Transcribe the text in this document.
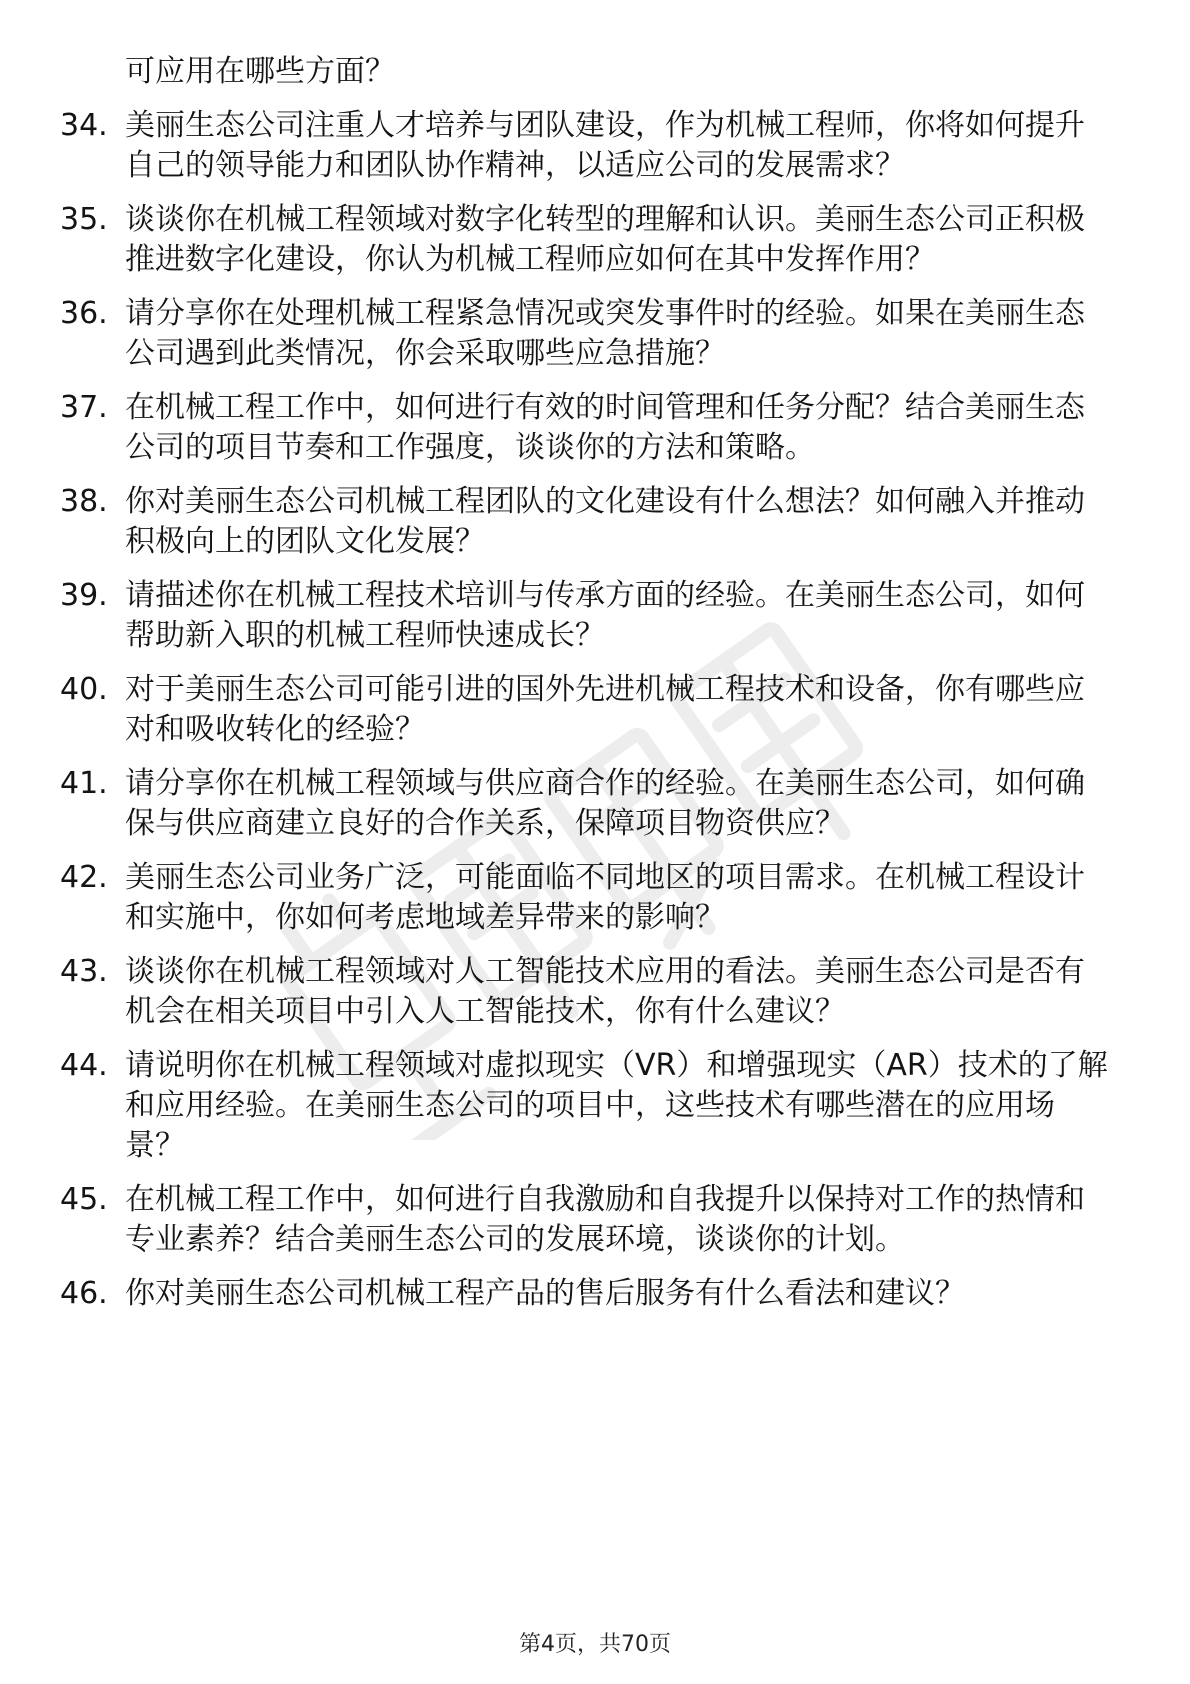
可应用在哪些方面？
34. 美丽生态公司注重人才培养与团队建设，作为机械工程师，你将如何提升自己的领导能力和团队协作精神，以适应公司的发展需求？
35. 谈谈你在机械工程领域对数字化转型的理解和认识。美丽生态公司正积极推进数字化建设，你认为机械工程师应如何在其中发挥作用？
36. 请分享你在处理机械工程紧急情况或突发事件时的经验。如果在美丽生态公司遇到此类情况，你会采取哪些应急措施？
37. 在机械工程工作中，如何进行有效的时间管理和任务分配？结合美丽生态公司的项目节奏和工作强度，谈谈你的方法和策略。
38. 你对美丽生态公司机械工程团队的文化建设有什么想法？如何融入并推动积极向上的团队文化发展？
39. 请描述你在机械工程技术培训与传承方面的经验。在美丽生态公司，如何帮助新入职的机械工程师快速成长？
40. 对于美丽生态公司可能引进的国外先进机械工程技术和设备，你有哪些应对和吸收转化的经验？
41. 请分享你在机械工程领域与供应商合作的经验。在美丽生态公司，如何确保与供应商建立良好的合作关系，保障项目物资供应？
42. 美丽生态公司业务广泛，可能面临不同地区的项目需求。在机械工程设计和实施中，你如何考虑地域差异带来的影响？
43. 谈谈你在机械工程领域对人工智能技术应用的看法。美丽生态公司是否有机会在相关项目中引入人工智能技术，你有什么建议？
44. 请说明你在机械工程领域对虚拟现实（VR）和增强现实（AR）技术的了解和应用经验。在美丽生态公司的项目中，这些技术有哪些潜在的应用场景？
45. 在机械工程工作中，如何进行自我激励和自我提升以保持对工作的热情和专业素养？结合美丽生态公司的发展环境，谈谈你的计划。
46. 你对美丽生态公司机械工程产品的售后服务有什么看法和建议？
第4页，共70页
